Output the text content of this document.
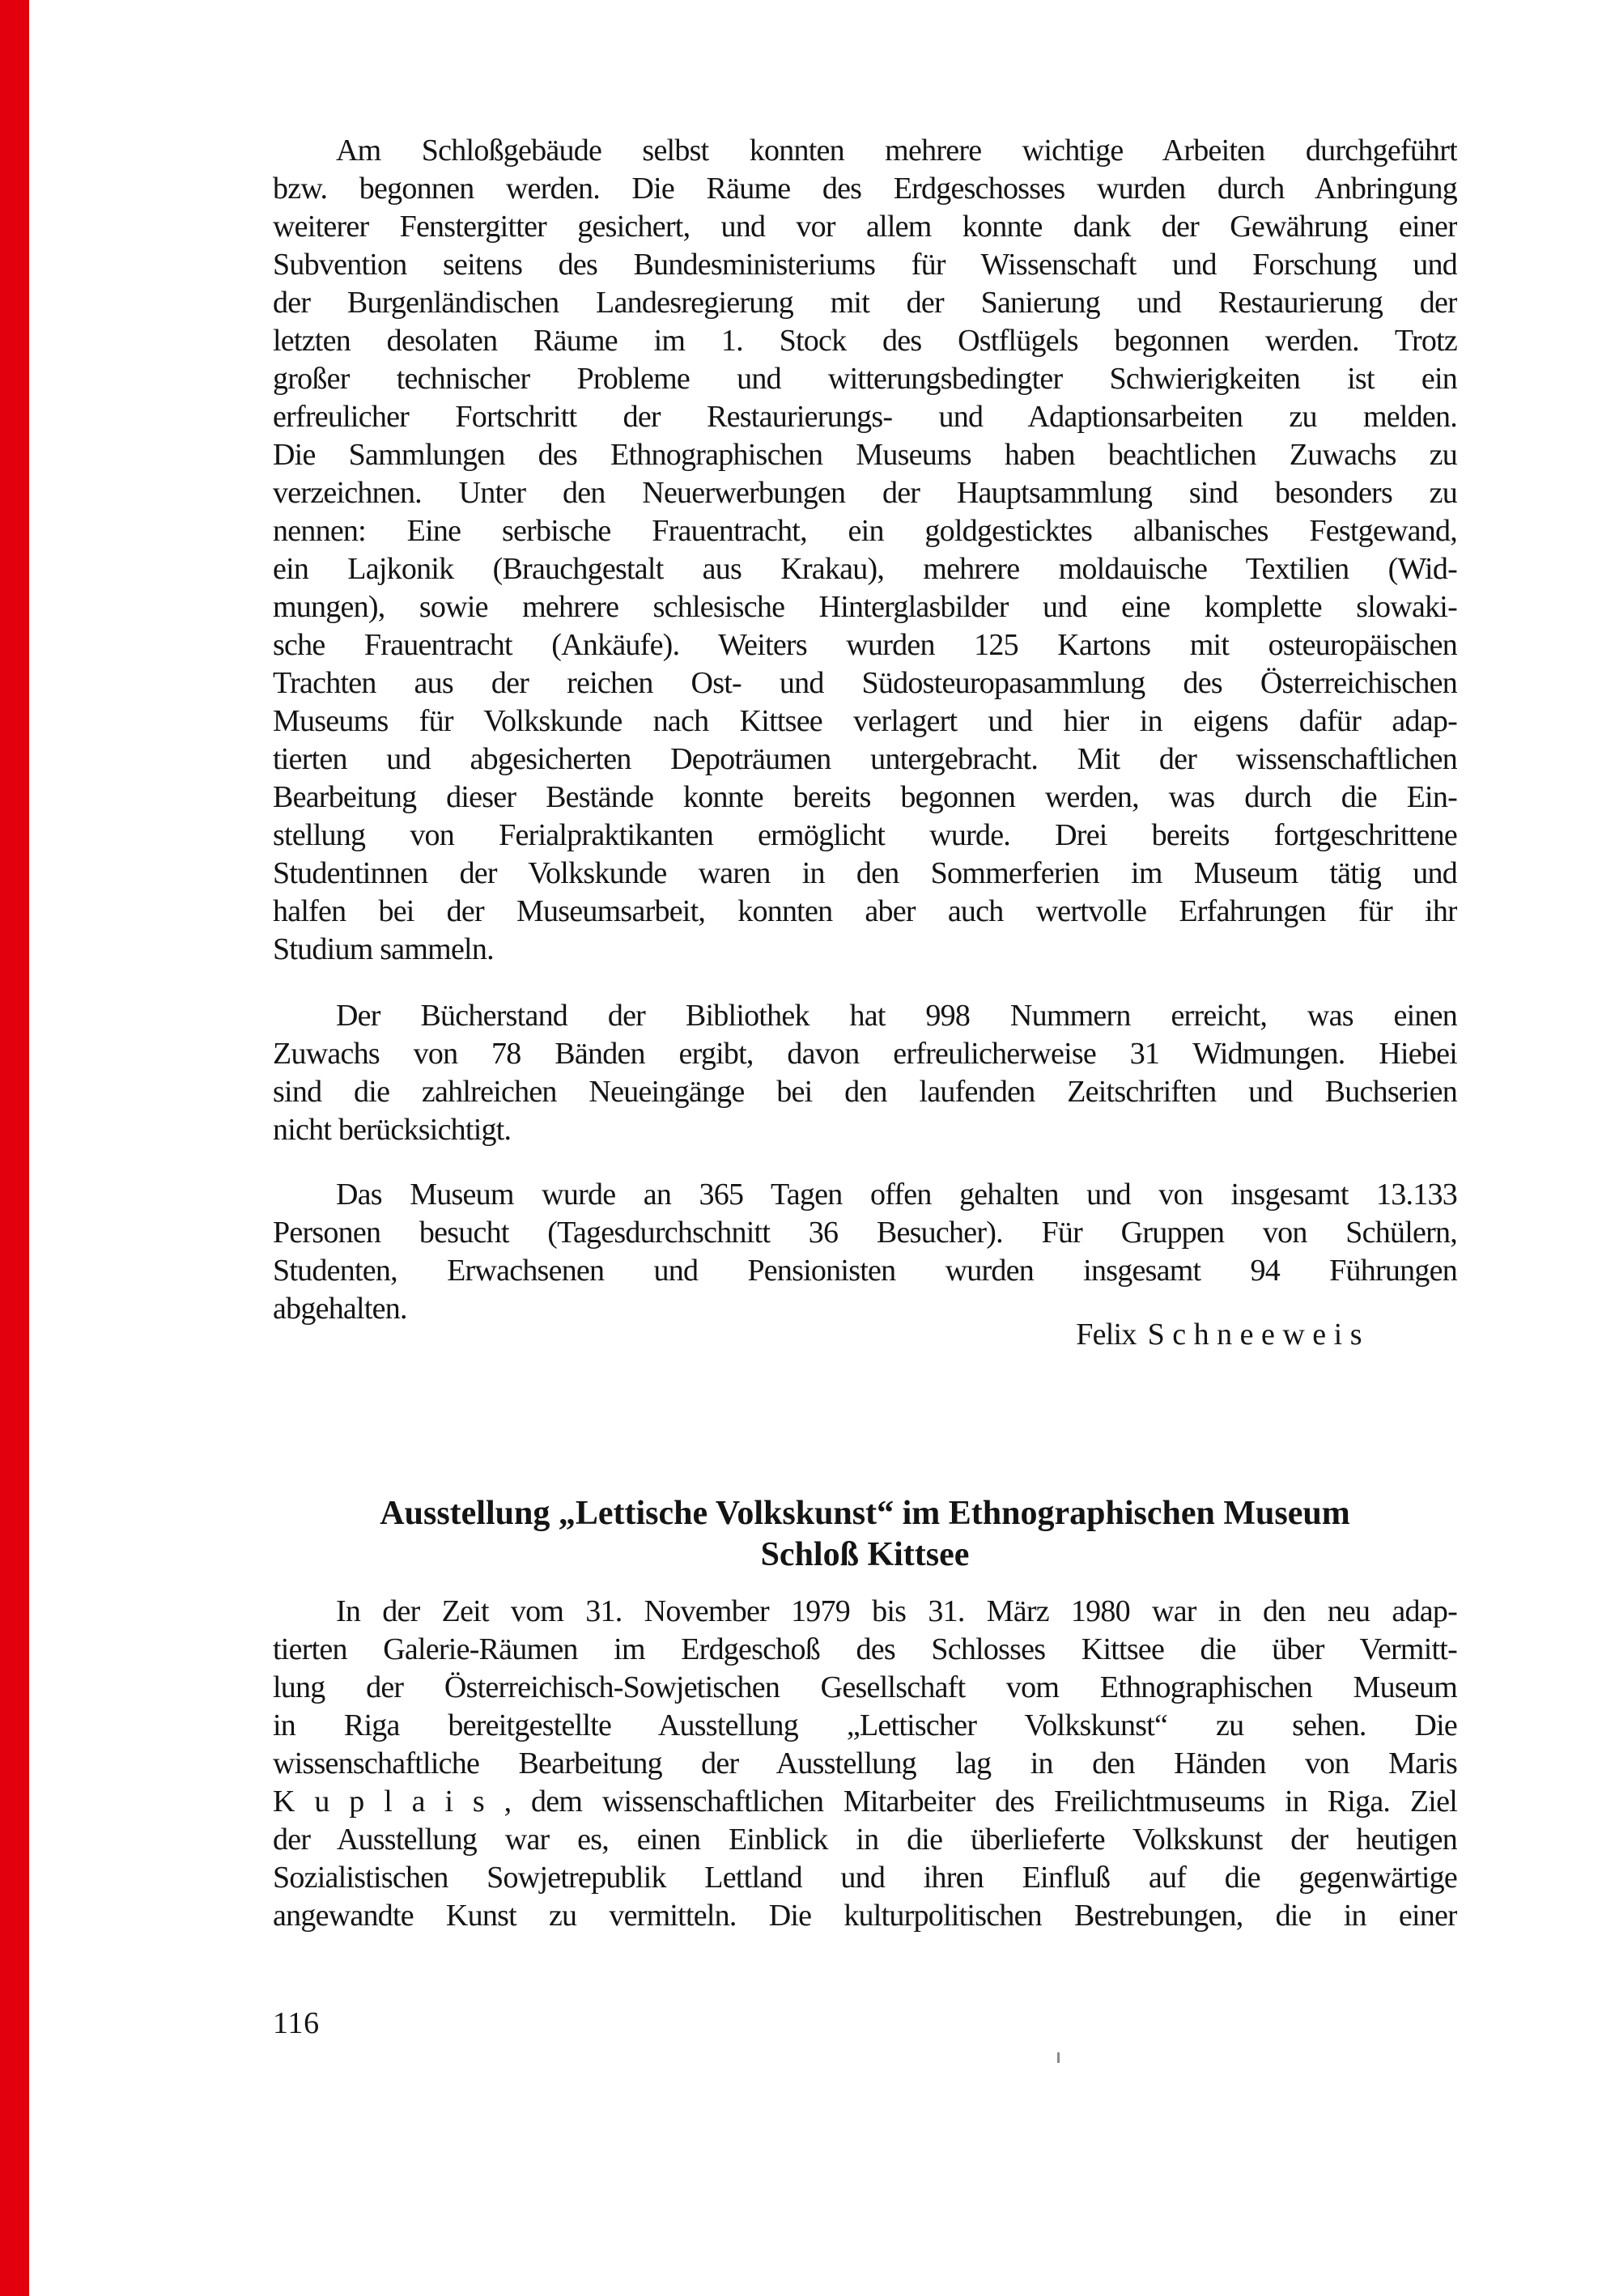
Am Schloßgebäude selbst konnten mehrere wichtige Arbeiten durchgeführt
bzw. begonnen werden. Die Räume des Erdgeschosses wurden durch Anbringung
weiterer Fenstergitter gesichert, und vor allem konnte dank der Gewährung einer
Subvention seitens des Bundesministeriums für Wissenschaft und Forschung und
der Burgenländischen Landesregierung mit der Sanierung und Restaurierung der
letzten desolaten Räume im 1. Stock des Ostflügels begonnen werden. Trotz
großer technischer Probleme und witterungsbedingter Schwierigkeiten ist ein
erfreulicher Fortschritt der Restaurierungs- und Adaptionsarbeiten zu melden.
Die Sammlungen des Ethnographischen Museums haben beachtlichen Zuwachs zu
verzeichnen. Unter den Neuerwerbungen der Hauptsammlung sind besonders zu
nennen: Eine serbische Frauentracht, ein goldgesticktes albanisches Festgewand,
ein Lajkonik (Brauchgestalt aus Krakau), mehrere moldauische Textilien (Wid-
mungen), sowie mehrere schlesische Hinterglasbilder und eine komplette slowaki-
sche Frauentracht (Ankäufe). Weiters wurden 125 Kartons mit osteuropäischen
Trachten aus der reichen Ost- und Südosteuropasammlung des Österreichischen
Museums für Volkskunde nach Kittsee verlagert und hier in eigens dafür adap-
tierten und abgesicherten Depoträumen untergebracht. Mit der wissenschaftlichen
Bearbeitung dieser Bestände konnte bereits begonnen werden, was durch die Ein-
stellung von Ferialpraktikanten ermöglicht wurde. Drei bereits fortgeschrittene
Studentinnen der Volkskunde waren in den Sommerferien im Museum tätig und
halfen bei der Museumsarbeit, konnten aber auch wertvolle Erfahrungen für ihr
Studium sammeln.
Der Bücherstand der Bibliothek hat 998 Nummern erreicht, was einen
Zuwachs von 78 Bänden ergibt, davon erfreulicherweise 31 Widmungen. Hiebei
sind die zahlreichen Neueingänge bei den laufenden Zeitschriften und Buchserien
nicht berücksichtigt.
Das Museum wurde an 365 Tagen offen gehalten und von insgesamt 13.133
Personen besucht (Tagesdurchschnitt 36 Besucher). Für Gruppen von Schülern,
Studenten, Erwachsenen und Pensionisten wurden insgesamt 94 Führungen
abgehalten.
Felix Schneeweis
Ausstellung „Lettische Volkskunst“ im Ethnographischen Museum
Schloß Kittsee
In der Zeit vom 31. November 1979 bis 31. März 1980 war in den neu adap-
tierten Galerie-Räumen im Erdgeschoß des Schlosses Kittsee die über Vermitt-
lung der Österreichisch-Sowjetischen Gesellschaft vom Ethnographischen Museum
in Riga bereitgestellte Ausstellung „Lettischer Volkskunst“ zu sehen. Die
wissenschaftliche Bearbeitung der Ausstellung lag in den Händen von Maris
K u p l a i s , dem wissenschaftlichen Mitarbeiter des Freilichtmuseums in Riga. Ziel
der Ausstellung war es, einen Einblick in die überlieferte Volkskunst der heutigen
Sozialistischen Sowjetrepublik Lettland und ihren Einfluß auf die gegenwärtige
angewandte Kunst zu vermitteln. Die kulturpolitischen Bestrebungen, die in einer
116
